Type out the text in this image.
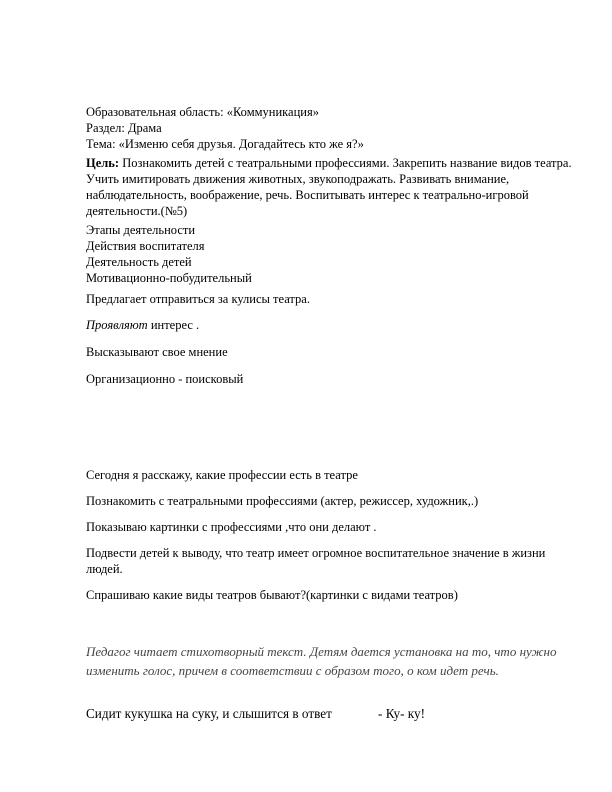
Образовательная область: «Коммуникация»

Раздел: Драма

Тема: «Изменю себя друзья. Догадайтесь кто же я?»

Цель: Познакомить детей с театральными профессиями. Закрепить название видов театра. Учить имитировать движения животных, звукоподражать. Развивать внимание, наблюдательность, воображение, речь. Воспитывать интерес к театрально-игровой деятельности.(№5)

Этапы деятельности

Действия воспитателя

Деятельность детей

Мотивационно-побудительный

Предлагает отправиться за кулисы театра.

Проявляют интерес .

Высказывают свое мнение

Организационно - поисковый

Сегодня я расскажу, какие профессии есть в театре

Познакомить с театральными профессиями (актер, режиссер, художник,.)

Показываю картинки с профессиями ,что они делают .

Подвести детей к выводу, что театр имеет огромное воспитательное значение в жизни людей.

Спрашиваю какие виды театров бывают?(картинки с видами театров)

Педагог читает стихотворный текст. Детям дается установка на то, что нужно изменить голос, причем в соответствии с образом того, о ком идет речь.
Сидит кукушка на суку, и слышится в ответ	- Ку- ку!
